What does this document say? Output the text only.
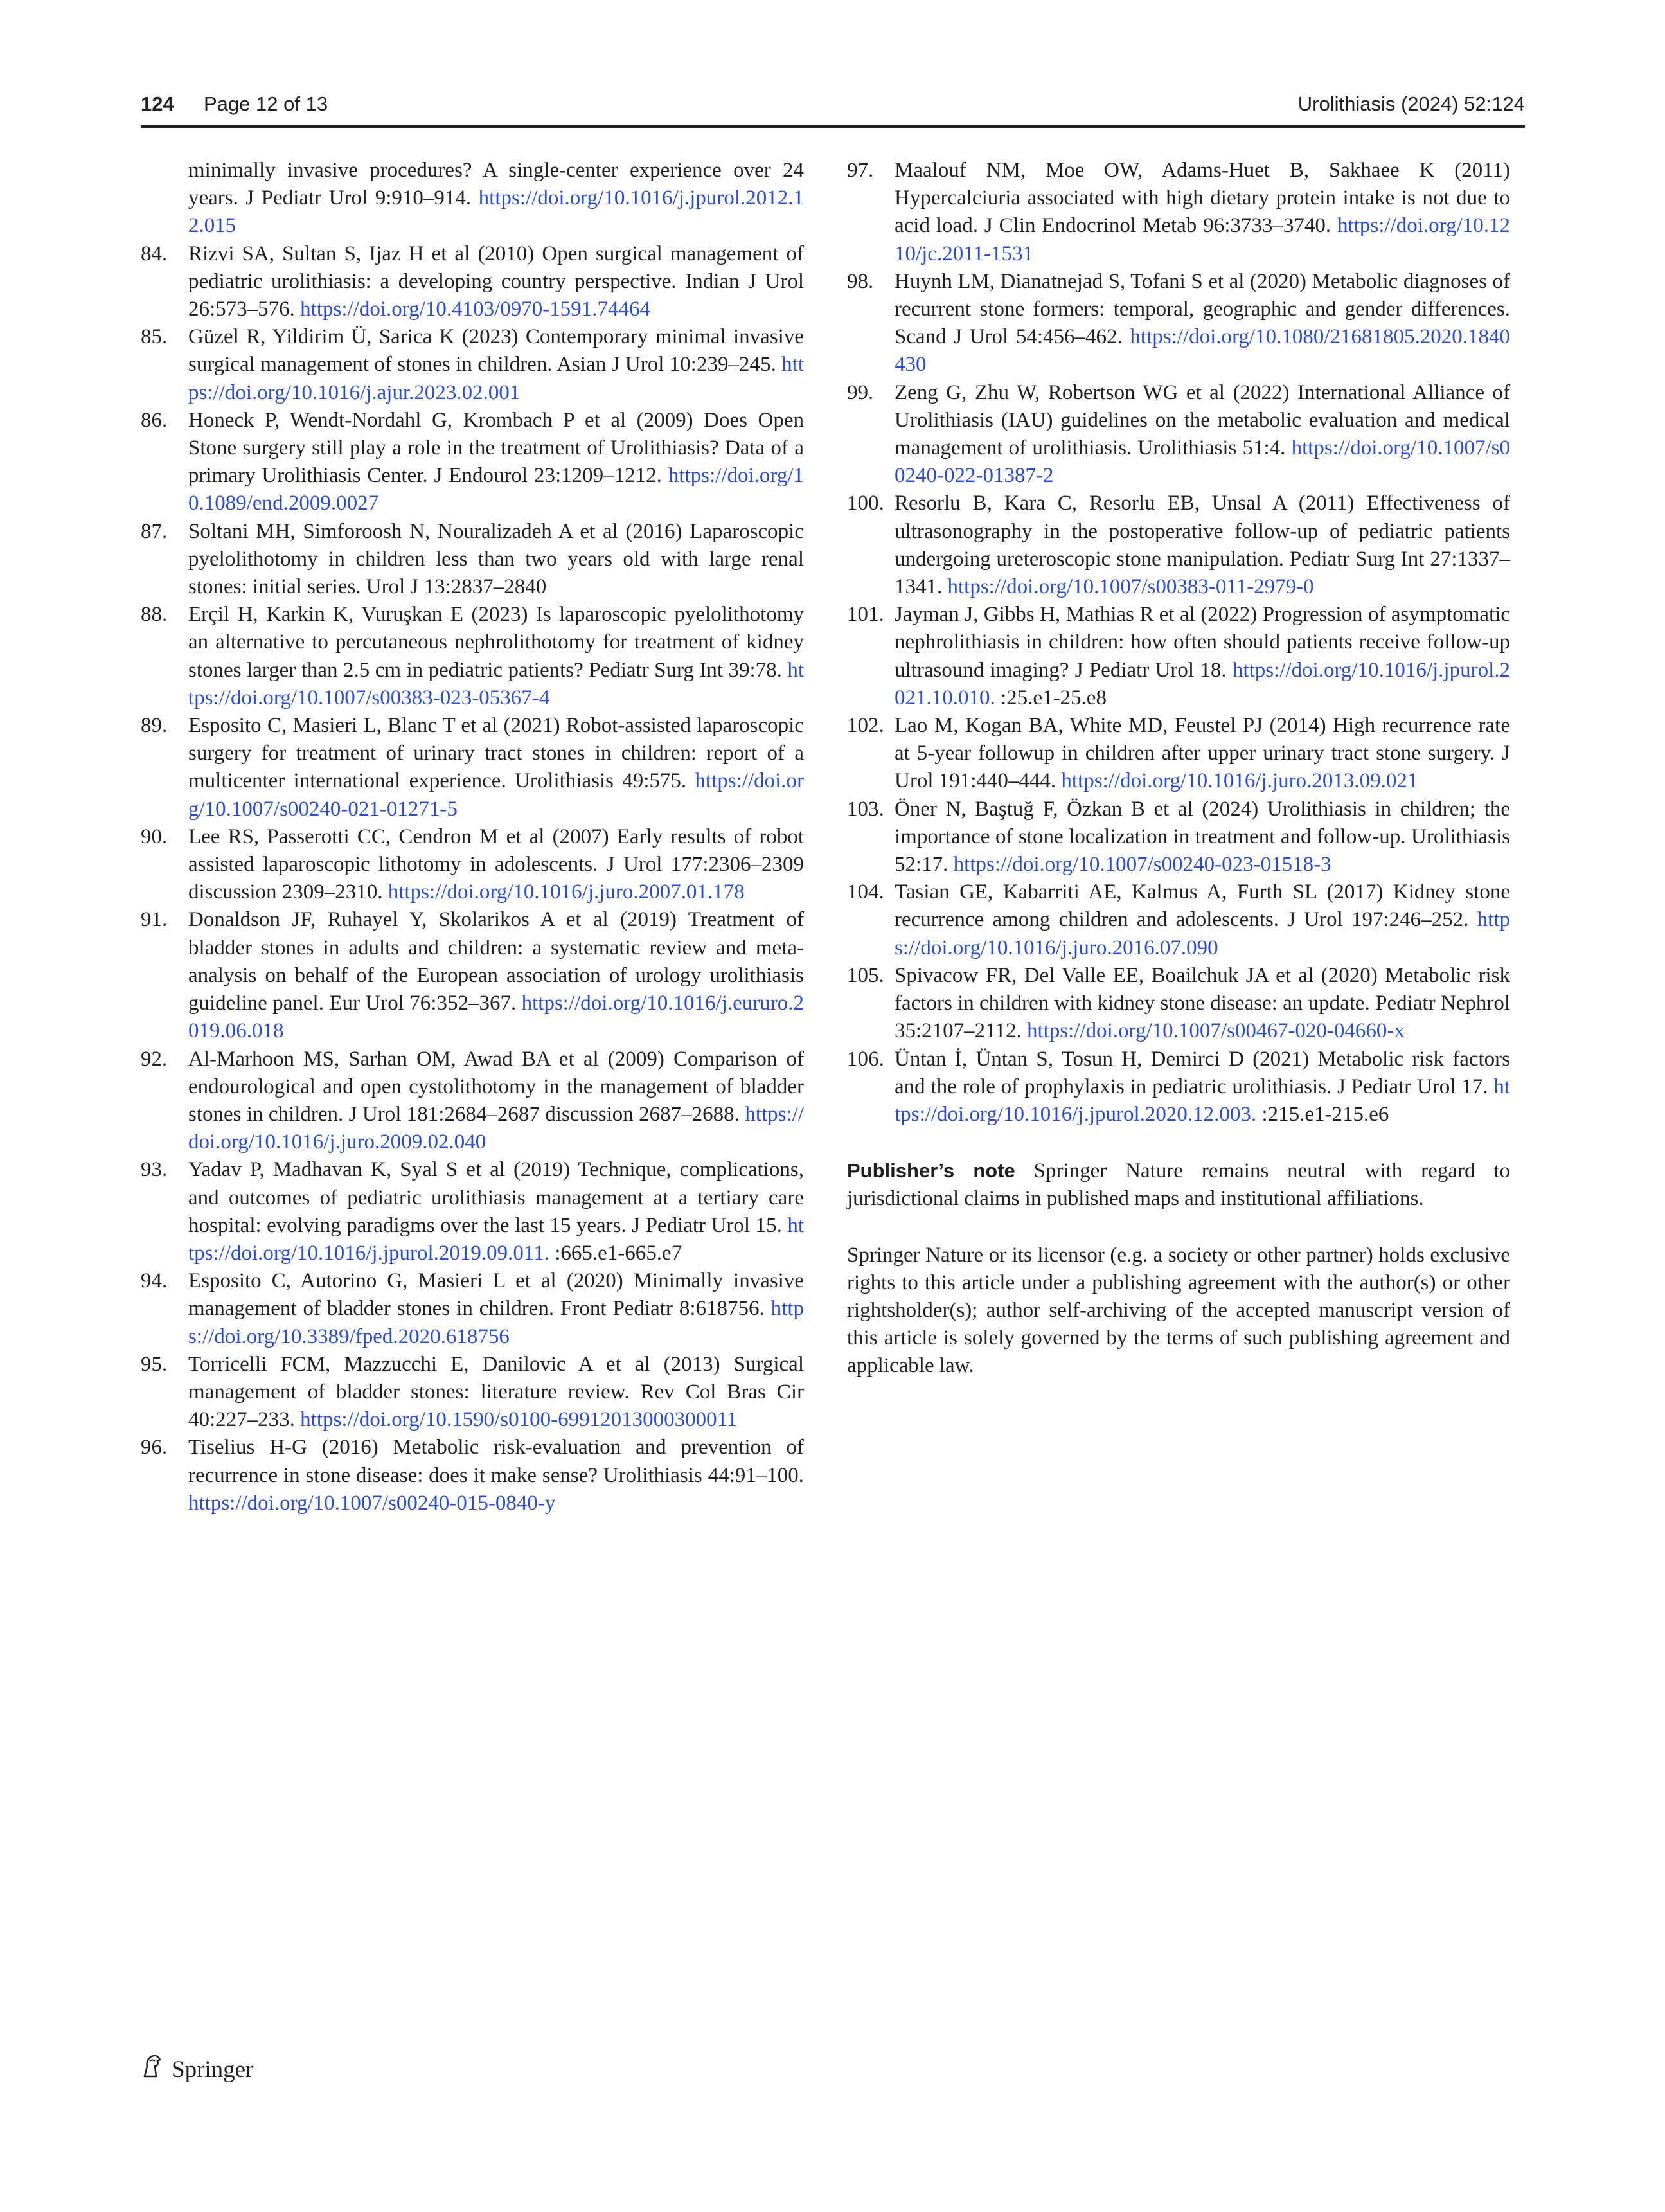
124 Page 12 of 13	Urolithiasis (2024) 52:124
minimally invasive procedures? A single-center experience over 24 years. J Pediatr Urol 9:910–914. https://doi.org/10.1016/j.jpurol.2012.12.015
84. Rizvi SA, Sultan S, Ijaz H et al (2010) Open surgical management of pediatric urolithiasis: a developing country perspective. Indian J Urol 26:573–576. https://doi.org/10.4103/0970-1591.74464
85. Güzel R, Yildirim Ü, Sarica K (2023) Contemporary minimal invasive surgical management of stones in children. Asian J Urol 10:239–245. https://doi.org/10.1016/j.ajur.2023.02.001
86. Honeck P, Wendt-Nordahl G, Krombach P et al (2009) Does Open Stone surgery still play a role in the treatment of Urolithiasis? Data of a primary Urolithiasis Center. J Endourol 23:1209–1212. https://doi.org/10.1089/end.2009.0027
87. Soltani MH, Simforoosh N, Nouralizadeh A et al (2016) Laparoscopic pyelolithotomy in children less than two years old with large renal stones: initial series. Urol J 13:2837–2840
88. Erçil H, Karkin K, Vuruşkan E (2023) Is laparoscopic pyelolithotomy an alternative to percutaneous nephrolithotomy for treatment of kidney stones larger than 2.5 cm in pediatric patients? Pediatr Surg Int 39:78. https://doi.org/10.1007/s00383-023-05367-4
89. Esposito C, Masieri L, Blanc T et al (2021) Robot-assisted laparoscopic surgery for treatment of urinary tract stones in children: report of a multicenter international experience. Urolithiasis 49:575. https://doi.org/10.1007/s00240-021-01271-5
90. Lee RS, Passerotti CC, Cendron M et al (2007) Early results of robot assisted laparoscopic lithotomy in adolescents. J Urol 177:2306–2309 discussion 2309–2310. https://doi.org/10.1016/j.juro.2007.01.178
91. Donaldson JF, Ruhayel Y, Skolarikos A et al (2019) Treatment of bladder stones in adults and children: a systematic review and meta-analysis on behalf of the European association of urology urolithiasis guideline panel. Eur Urol 76:352–367. https://doi.org/10.1016/j.eururo.2019.06.018
92. Al-Marhoon MS, Sarhan OM, Awad BA et al (2009) Comparison of endourological and open cystolithotomy in the management of bladder stones in children. J Urol 181:2684–2687 discussion 2687–2688. https://doi.org/10.1016/j.juro.2009.02.040
93. Yadav P, Madhavan K, Syal S et al (2019) Technique, complications, and outcomes of pediatric urolithiasis management at a tertiary care hospital: evolving paradigms over the last 15 years. J Pediatr Urol 15. https://doi.org/10.1016/j.jpurol.2019.09.011. :665.e1-665.e7
94. Esposito C, Autorino G, Masieri L et al (2020) Minimally invasive management of bladder stones in children. Front Pediatr 8:618756. https://doi.org/10.3389/fped.2020.618756
95. Torricelli FCM, Mazzucchi E, Danilovic A et al (2013) Surgical management of bladder stones: literature review. Rev Col Bras Cir 40:227–233. https://doi.org/10.1590/s0100-69912013000300011
96. Tiselius H-G (2016) Metabolic risk-evaluation and prevention of recurrence in stone disease: does it make sense? Urolithiasis 44:91–100. https://doi.org/10.1007/s00240-015-0840-y
97. Maalouf NM, Moe OW, Adams-Huet B, Sakhaee K (2011) Hypercalciuria associated with high dietary protein intake is not due to acid load. J Clin Endocrinol Metab 96:3733–3740. https://doi.org/10.1210/jc.2011-1531
98. Huynh LM, Dianatnejad S, Tofani S et al (2020) Metabolic diagnoses of recurrent stone formers: temporal, geographic and gender differences. Scand J Urol 54:456–462. https://doi.org/10.1080/21681805.2020.1840430
99. Zeng G, Zhu W, Robertson WG et al (2022) International Alliance of Urolithiasis (IAU) guidelines on the metabolic evaluation and medical management of urolithiasis. Urolithiasis 51:4. https://doi.org/10.1007/s00240-022-01387-2
100. Resorlu B, Kara C, Resorlu EB, Unsal A (2011) Effectiveness of ultrasonography in the postoperative follow-up of pediatric patients undergoing ureteroscopic stone manipulation. Pediatr Surg Int 27:1337–1341. https://doi.org/10.1007/s00383-011-2979-0
101. Jayman J, Gibbs H, Mathias R et al (2022) Progression of asymptomatic nephrolithiasis in children: how often should patients receive follow-up ultrasound imaging? J Pediatr Urol 18. https://doi.org/10.1016/j.jpurol.2021.10.010. :25.e1-25.e8
102. Lao M, Kogan BA, White MD, Feustel PJ (2014) High recurrence rate at 5-year followup in children after upper urinary tract stone surgery. J Urol 191:440–444. https://doi.org/10.1016/j.juro.2013.09.021
103. Öner N, Baştuğ F, Özkan B et al (2024) Urolithiasis in children; the importance of stone localization in treatment and follow-up. Urolithiasis 52:17. https://doi.org/10.1007/s00240-023-01518-3
104. Tasian GE, Kabarriti AE, Kalmus A, Furth SL (2017) Kidney stone recurrence among children and adolescents. J Urol 197:246–252. https://doi.org/10.1016/j.juro.2016.07.090
105. Spivacow FR, Del Valle EE, Boailchuk JA et al (2020) Metabolic risk factors in children with kidney stone disease: an update. Pediatr Nephrol 35:2107–2112. https://doi.org/10.1007/s00467-020-04660-x
106. Üntan İ, Üntan S, Tosun H, Demirci D (2021) Metabolic risk factors and the role of prophylaxis in pediatric urolithiasis. J Pediatr Urol 17. https://doi.org/10.1016/j.jpurol.2020.12.003. :215.e1-215.e6
Publisher’s note Springer Nature remains neutral with regard to jurisdictional claims in published maps and institutional affiliations.
Springer Nature or its licensor (e.g. a society or other partner) holds exclusive rights to this article under a publishing agreement with the author(s) or other rightsholder(s); author self-archiving of the accepted manuscript version of this article is solely governed by the terms of such publishing agreement and applicable law.
Springer
